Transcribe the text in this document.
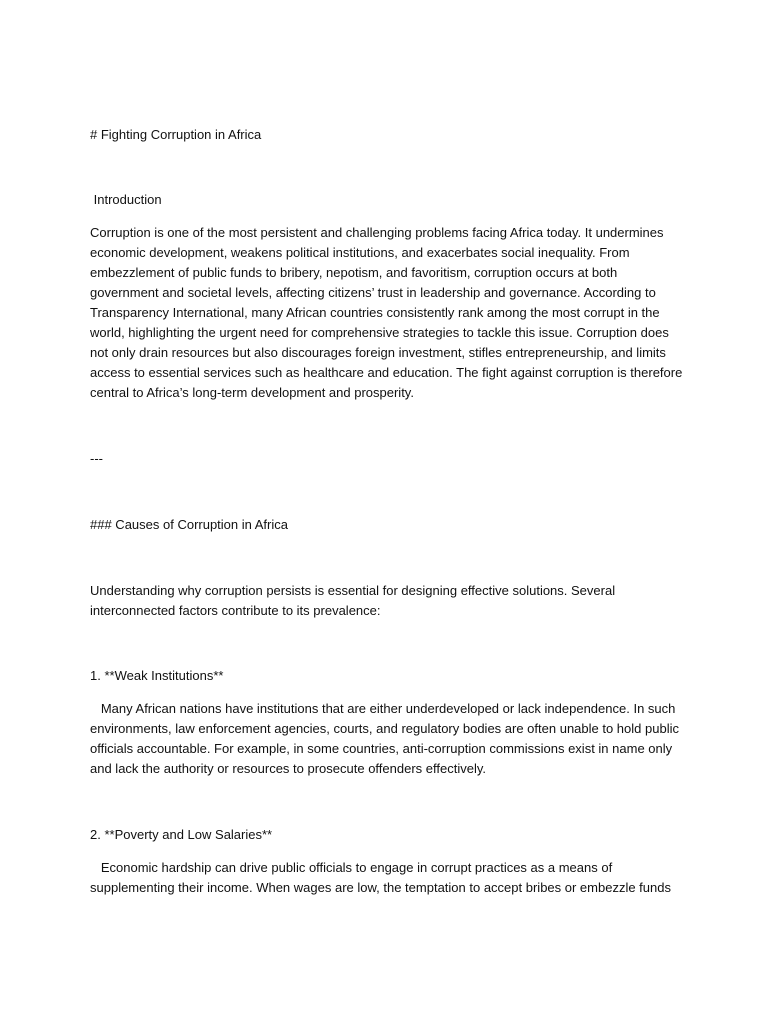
# Fighting Corruption in Africa
Introduction
Corruption is one of the most persistent and challenging problems facing Africa today. It undermines
economic development, weakens political institutions, and exacerbates social inequality. From
embezzlement of public funds to bribery, nepotism, and favoritism, corruption occurs at both
government and societal levels, affecting citizens’ trust in leadership and governance. According to
Transparency International, many African countries consistently rank among the most corrupt in the
world, highlighting the urgent need for comprehensive strategies to tackle this issue. Corruption does
not only drain resources but also discourages foreign investment, stifles entrepreneurship, and limits
access to essential services such as healthcare and education. The fight against corruption is therefore
central to Africa’s long-term development and prosperity.
---
### Causes of Corruption in Africa
Understanding why corruption persists is essential for designing effective solutions. Several
interconnected factors contribute to its prevalence:
1. **Weak Institutions**
Many African nations have institutions that are either underdeveloped or lack independence. In such
environments, law enforcement agencies, courts, and regulatory bodies are often unable to hold public
officials accountable. For example, in some countries, anti-corruption commissions exist in name only
and lack the authority or resources to prosecute offenders effectively.
2. **Poverty and Low Salaries**
Economic hardship can drive public officials to engage in corrupt practices as a means of
supplementing their income. When wages are low, the temptation to accept bribes or embezzle funds
